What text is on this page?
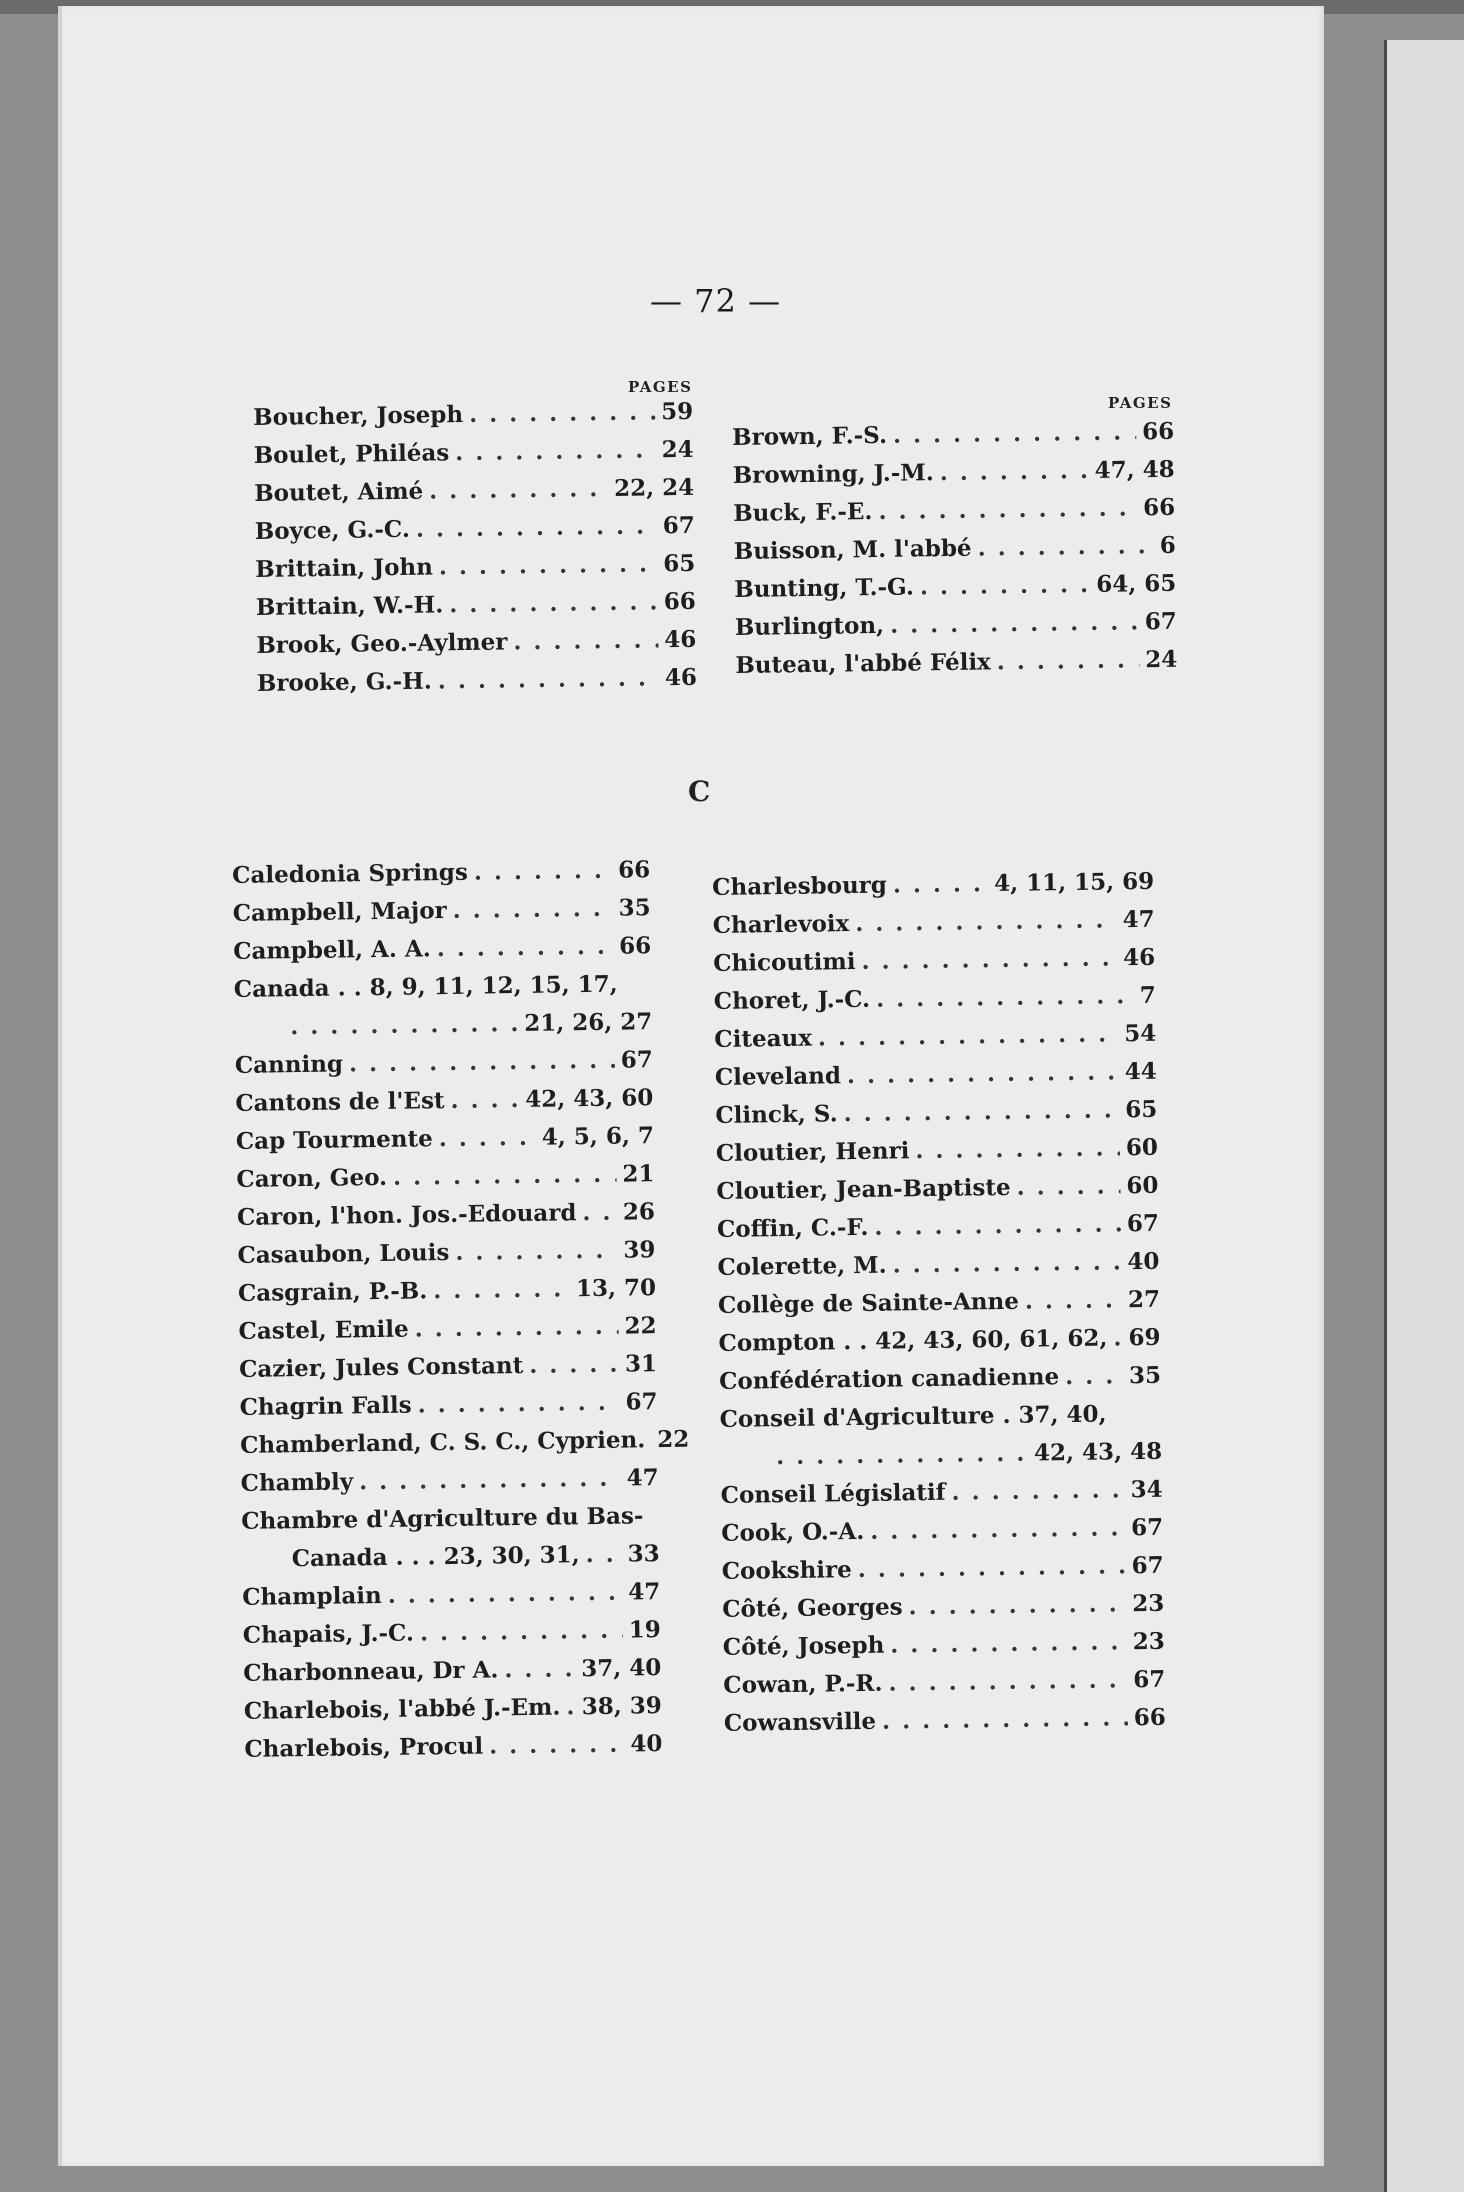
— 72 —
PAGES
PAGES
Boucher, Joseph . . .	59
Boulet, Philéas . . .	24
Boutet, Aimé . . .	22, 24
Boyce, G.-C. . . .	67
Brittain, John . . .	65
Brittain, W.-H. . . .	66
Brook, Geo.-Aylmer . . .	46
Brooke, G.-H. . . .	46
Brown, F.-S. . . .	66
Browning, J.-M. . . .	47, 48
Buck, F.-E. . . .	66
Buisson, M. l'abbé . . .	6
Bunting, T.-G. . . .	64, 65
Burlington, . . .	67
Buteau, l'abbé Félix . . .	24
C
Caledonia Springs . . .	66
Campbell, Major . . .	35
Campbell, A. A. . . .	66
Canada . . 8, 9, 11, 12, 15, 17,
. . .
21, 26, 27
Canning . . .	67
Cantons de l'Est . . .	42, 43, 60
Cap Tourmente . . .	4, 5, 6, 7
Caron, Geo. . . .	21
Caron, l'hon. Jos.-Edouard . . . 26
Casaubon, Louis . . .	39
Casgrain, P.-B. . . .	13, 70
Castel, Emile . . .	22
Cazier, Jules Constant . . .	31
Chagrin Falls . . .	67
Chamberland, C. S. C., Cyprien. . . . 22
Chambly . . .	47
Chambre d'Agriculture du Bas-
Canada . . . 23, 30, 31, . . . 33
Champlain . . .	47
Chapais, J.-C. . . .	19
Charbonneau, Dr A. . . .	37, 40
Charlebois, l'abbé J.-Em. . . . 38, 39
Charlebois, Procul . . .	40
Charlesbourg . . .	4, 11, 15, 69
Charlevoix . . .	47
Chicoutimi . . .	46
Choret, J.-C. . . .	7
Citeaux . . .	54
Cleveland . . .	44
Clinck, S. . . .	65
Cloutier, Henri . . .	60
Cloutier, Jean-Baptiste . . .	60
Coffin, C.-F. . . .	67
Colerette, M. . . .	40
Collège de Sainte-Anne . . .	27
Compton . . 42, 43, 60, 61, 62, . . . 69
Confédération canadienne . . .	35
Conseil d'Agriculture . 37, 40,
. . .
42, 43, 48
Conseil Législatif . . .	34
Cook, O.-A. . . .	67
Cookshire . . .	67
Côté, Georges . . .	23
Côté, Joseph . . .	23
Cowan, P.-R. . . .	67
Cowansville . . .	66
